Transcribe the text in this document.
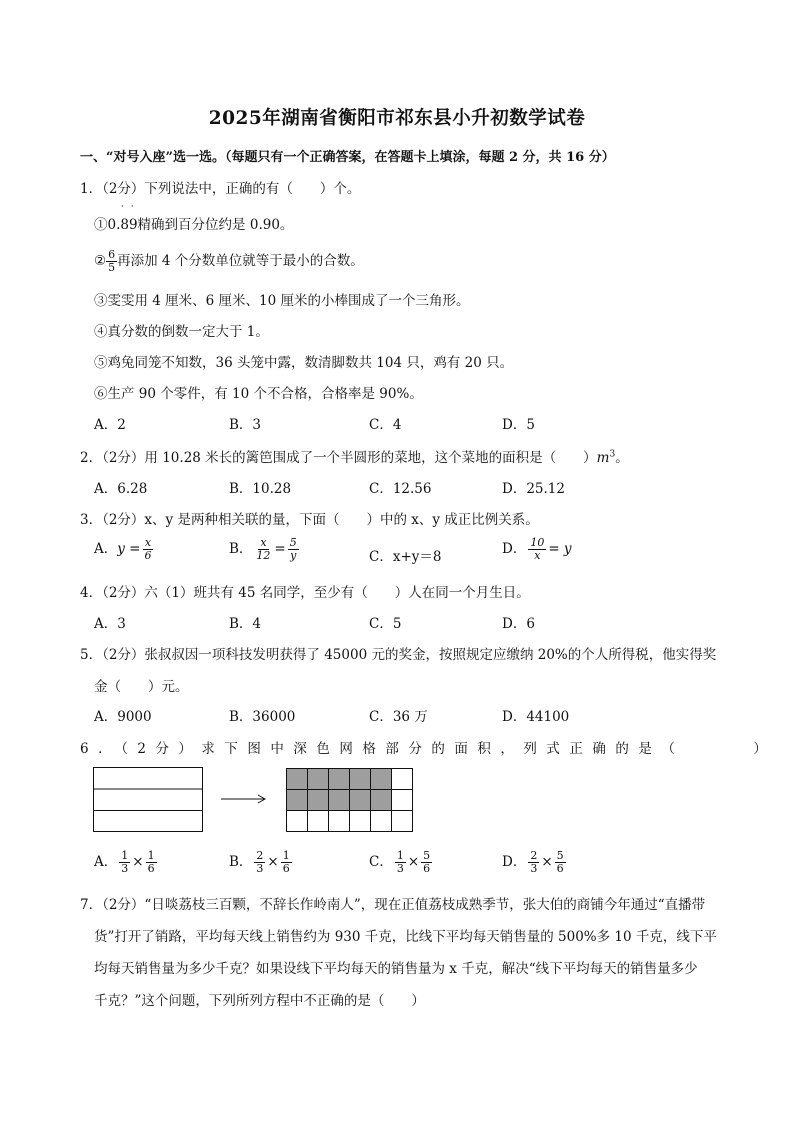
2025年湖南省衡阳市祁东县小升初数学试卷
一、“对号入座”选一选。（每题只有一个正确答案，在答题卡上填涂，每题 2 分，共 16 分）
1．（2分）下列说法中，正确的有（　　）个。
· ·
①0.89精确到百分位约是 0.90。
② $\frac{6}{5}$ 再添加 4 个分数单位就等于最小的合数。
③雯雯用 4 厘米、6 厘米、10 厘米的小棒围成了一个三角形。
④真分数的倒数一定大于 1。
⑤鸡兔同笼不知数，36 头笼中露，数清脚数共 104 只，鸡有 20 只。
⑥生产 90 个零件，有 10 个不合格，合格率是 90%。
A．2	B．3	C．4	D．5
2．（2分）用 10.28 米长的篱笆围成了一个半圆形的菜地，这个菜地的面积是（　　）$m^3$。
A．6.28	B．10.28	C．12.56	D．25.12
3．（2分）x、y 是两种相关联的量，下面（　　）中的 x、y 成正比例关系。
A．$y = \frac{x}{6}$	B． $\frac{x}{12} = \frac{5}{y}$	C．x+y＝8	D． $\frac{10}{x} = y$
4．（2分）六（1）班共有 45 名同学，至少有（　　）人在同一个月生日。
A．3	B．4	C．5	D．6
5．（2分）张叔叔因一项科技发明获得了 45000 元的奖金，按照规定应缴纳 20%的个人所得税，他实得奖
金（　　）元。
A．9000	B．36000	C．36 万	D．44100
6．（2分）求下图中深色网格部分的面积，列式正确的是（　　　）
A． $\frac{1}{3} \times \frac{1}{6}$	B． $\frac{2}{3} \times \frac{1}{6}$	C． $\frac{1}{3} \times \frac{5}{6}$	D． $\frac{2}{3} \times \frac{5}{6}$
7．（2分）“日啖荔枝三百颗，不辞长作岭南人”，现在正值荔枝成熟季节，张大伯的商铺今年通过“直播带
货”打开了销路，平均每天线上销售约为 930 千克，比线下平均每天销售量的 500%多 10 千克，线下平
均每天销售量为多少千克？如果设线下平均每天的销售量为 x 千克，解决“线下平均每天的销售量多少
千克？”这个问题，下列所列方程中不正确的是（　　）
